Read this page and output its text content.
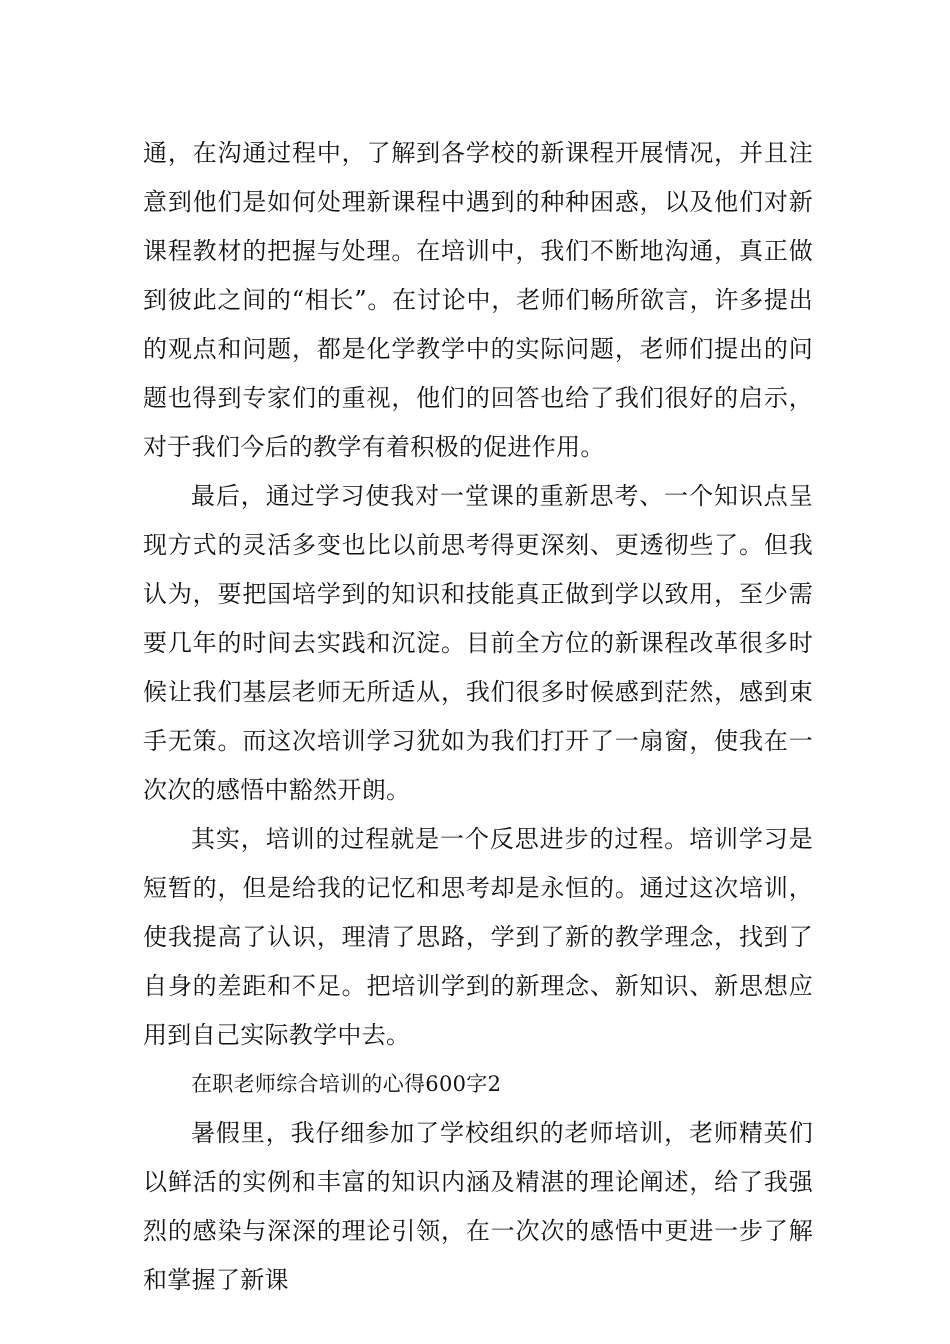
通，在沟通过程中，了解到各学校的新课程开展情况，并且注意到他们是如何处理新课程中遇到的种种困惑，以及他们对新课程教材的把握与处理。在培训中，我们不断地沟通，真正做到彼此之间的“相长”。在讨论中，老师们畅所欲言，许多提出的观点和问题，都是化学教学中的实际问题，老师们提出的问题也得到专家们的重视，他们的回答也给了我们很好的启示，对于我们今后的教学有着积极的促进作用。

最后，通过学习使我对一堂课的重新思考、一个知识点呈现方式的灵活多变也比以前思考得更深刻、更透彻些了。但我认为，要把国培学到的知识和技能真正做到学以致用，至少需要几年的时间去实践和沉淀。目前全方位的新课程改革很多时候让我们基层老师无所适从，我们很多时候感到茫然，感到束手无策。而这次培训学习犹如为我们打开了一扇窗，使我在一次次的感悟中豁然开朗。

其实，培训的过程就是一个反思进步的过程。培训学习是短暂的，但是给我的记忆和思考却是永恒的。通过这次培训，使我提高了认识，理清了思路，学到了新的教学理念，找到了自身的差距和不足。把培训学到的新理念、新知识、新思想应用到自己实际教学中去。

在职老师综合培训的心得600字2

暑假里，我仔细参加了学校组织的老师培训，老师精英们以鲜活的实例和丰富的知识内涵及精湛的理论阐述，给了我强烈的感染与深深的理论引领，在一次次的感悟中更进一步了解和掌握了新课
